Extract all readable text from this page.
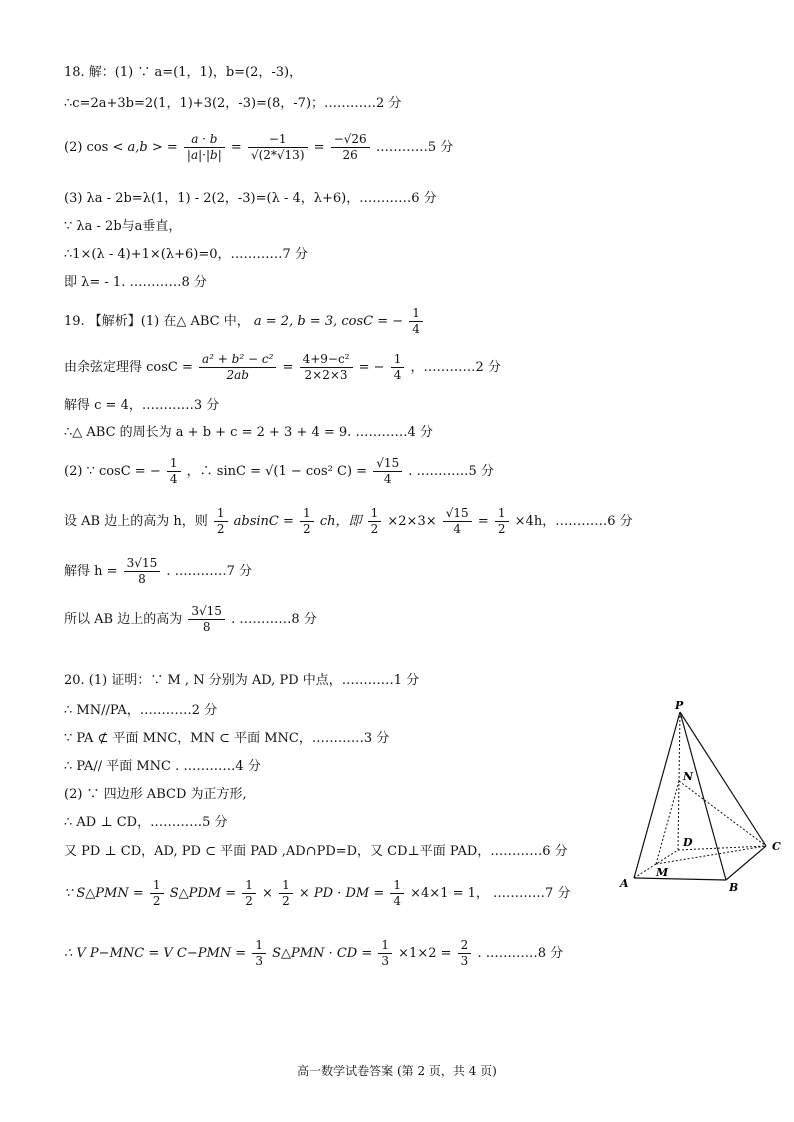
18. 解：(1) ∵ a=(1，1)，b=(2，-3)，
∴c=2a+3b=2(1，1)+3(2，-3)=(8，-7)；…………2 分
(2) cos < a,b > = $\frac{a \cdot b}{|a|\cdot|b|} = \frac{-1}{√(2*√13)} = \frac{-√26}{26}$ …………5 分
(3) λa - 2b=λ(1，1) - 2(2，-3)=(λ - 4，λ+6)，…………6 分
∵ λa - 2b与a垂直，
∴1×(λ - 4)+1×(λ+6)=0，…………7 分
即 λ= - 1. …………8 分
19. 【解析】(1) 在△ ABC 中， a = 2, b = 3, cosC = − $\frac{1}{4}$
由余弦定理得 $\cos C = \frac{\text{a² + b² − c²}}{2ab} = \frac{\text{4+9−c²}}{2\times 2\times 3}$ = − $\frac{1}{4}$ ，…………2 分
解得 c = 4，…………3 分
∴△ ABC 的周长为 a + b + c = 2 + 3 + 4 = 9. …………4 分
(2) ∵ cosC = − $\frac{1}{4}$ ，∴ sinC = √(1 − cos² $C) = \frac{√15}{4}$ . …………5 分
设 AB 边上的高为 h，则 $\frac{1}{2}$ $absinC = \frac{1}{2}$ ch，即 $\frac{1}{2} \times 2\times 3\times \frac{√15}{4} = \frac{1}{2} \times 4h$，…………6 分
解得 $h = \frac{3√15}{8}$ . …………7 分
所以 AB 边上的高为 $\frac{3√15}{8}$ . …………8 分
20. (1) 证明：∵ M , N 分别为 AD, PD 中点，…………1 分
∴ MN//PA，…………2 分
∵ PA ⊄ 平面 MNC，MN ⊂ 平面 MNC，…………3 分
∴ PA// 平面 MNC . …………4 分
(2) ∵ 四边形 ABCD 为正方形,
∴ AD ⊥ CD，…………5 分
又 PD ⊥ CD，AD, PD ⊂ 平面 PAD ,AD∩PD=D，又 CD⊥平面 PAD，…………6 分
∵ S△PMN = $\frac{1}{2}$ S△PDM = $\frac{1}{2} \times \frac{1}{2}$ × PD · DM = $\frac{1}{4} \times 4\times 1 = 1$， …………7 分
∴ V P−MNC = V $C-PMN = \frac{1}{3}$ S△PMN · CD = $\frac{1}{3} \times 1\times 2 = \frac{2}{3}$ . …………8 分
P
N
D	C
M
A	B
高一数学试卷答案 (第 2 页，共 4 页)
